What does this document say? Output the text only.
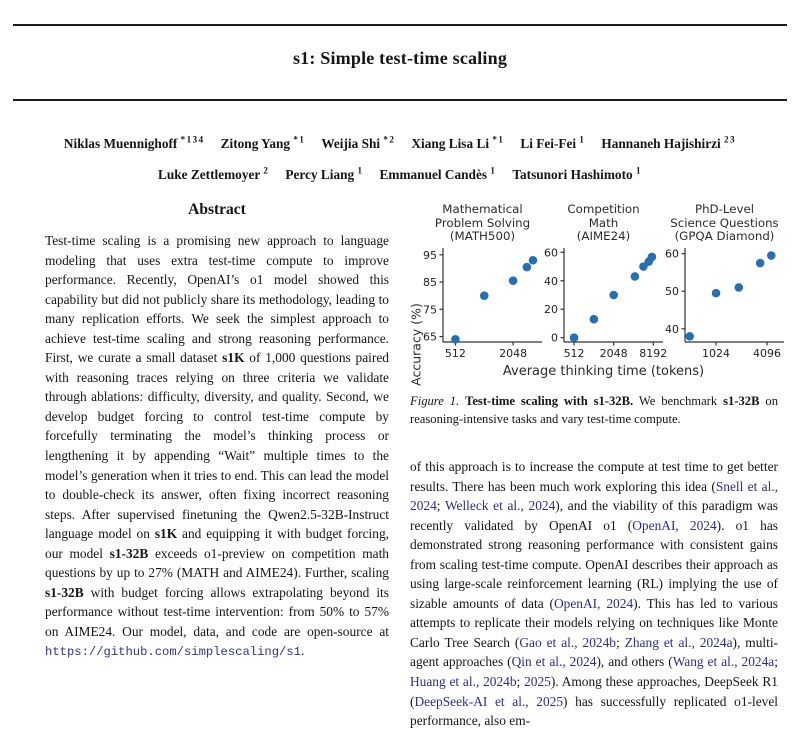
s1: Simple test-time scaling
Niklas Muennighoff $^{*134}$ Zitong Yang $^{*1}$ Weijia Shi $^{*2}$ Xiang Lisa Li $^{*1}$ Li Fei-Fei $^1$ Hannaneh Hajishirzi $^{23}$
Luke Zettlemoyer $^2$ Percy Liang $^1$ Emmanuel Candès $^1$ Tatsunori Hashimoto $^1$
Abstract
Test-time scaling is a promising new approach to language modeling that uses extra test-time compute to improve performance. Recently, OpenAI’s o1 model showed this capability but did not publicly share its methodology, leading to many replication efforts. We seek the simplest approach to achieve test-time scaling and strong reasoning performance. First, we curate a small dataset s1K of 1,000 questions paired with reasoning traces relying on three criteria we validate through ablations: difficulty, diversity, and quality. Second, we develop budget forcing to control test-time compute by forcefully terminating the model’s thinking process or lengthening it by appending “Wait” multiple times to the model’s generation when it tries to end. This can lead the model to double-check its answer, often fixing incorrect reasoning steps. After supervised finetuning the Qwen2.5-32B-Instruct language model on s1K and equipping it with budget forcing, our model s1-32B exceeds o1-preview on competition math questions by up to 27% (MATH and AIME24). Further, scaling s1-32B with budget forcing allows extrapolating beyond its performance without test-time intervention: from 50% to 57% on AIME24. Our model, data, and code are open-source at https://github.com/simplescaling/s1.
Accuracy (%)
Mathematical
Problem Solving
(MATH500)
65
75
85
95
512	2048
Competition
Math
(AIME24)
0
20
40
60
512 2048 8192
PhD-Level
Science Questions
(GPQA Diamond)
40
50
60
1024 4096
Average thinking time (tokens)
Figure 1. Test-time scaling with s1-32B. We benchmark s1-32B on reasoning-intensive tasks and vary test-time compute.
of this approach is to increase the compute at test time to get better results. There has been much work exploring this idea (Snell et al., 2024; Welleck et al., 2024), and the viability of this paradigm was recently validated by OpenAI o1 (OpenAI, 2024). o1 has demonstrated strong reasoning performance with consistent gains from scaling test-time compute. OpenAI describes their approach as using large-scale reinforcement learning (RL) implying the use of sizable amounts of data (OpenAI, 2024). This has led to various attempts to replicate their models relying on techniques like Monte Carlo Tree Search (Gao et al., 2024b; Zhang et al., 2024a), multi-agent approaches (Qin et al., 2024), and others (Wang et al., 2024a; Huang et al., 2024b; 2025). Among these approaches, DeepSeek R1 (DeepSeek-AI et al., 2025) has successfully replicated o1-level performance, also em-
